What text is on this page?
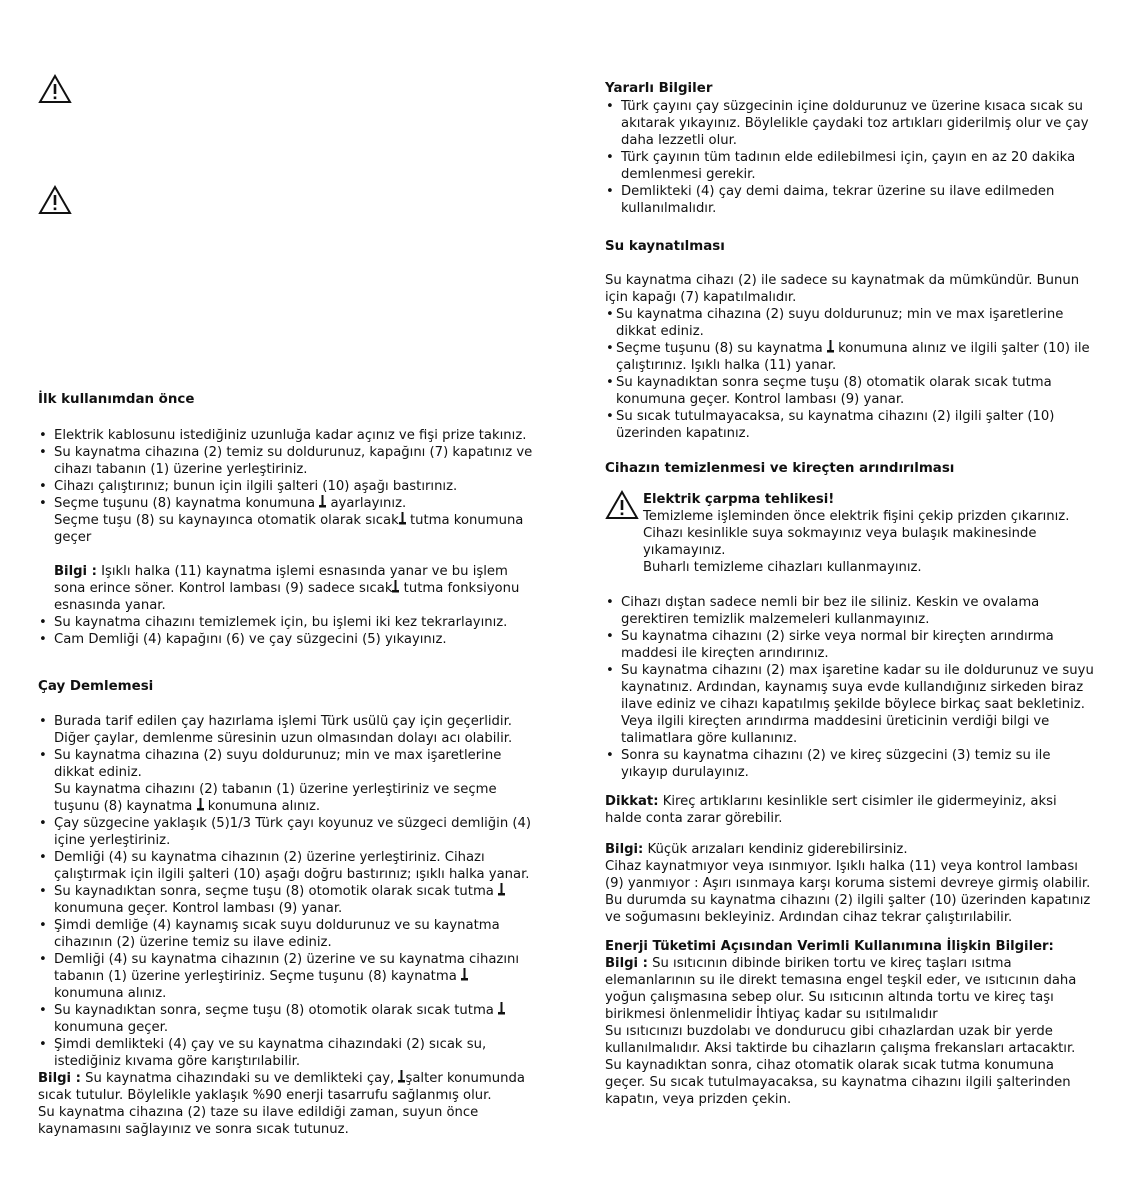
İlk kullanımdan önce
• Elektrik kablosunu istediğiniz uzunluğa kadar açınız ve fişi prize takınız.
• Su kaynatma cihazına (2) temiz su doldurunuz, kapağını (7) kapatınız ve cihazı tabanın (1) üzerine yerleştiriniz.
• Cihazı çalıştırınız; bunun için ilgili şalteri (10) aşağı bastırınız.
• Seçme tuşunu (8) kaynatma konumuna ayarlayınız.
Seçme tuşu (8) su kaynayınca otomatik olarak sıcak tutma konumuna geçer

Bilgi : Işıklı halka (11) kaynatma işlemi esnasında yanar ve bu işlem sona erince söner. Kontrol lambası (9) sadece sıcak tutma fonksiyonu esnasında yanar.

• Su kaynatma cihazını temizlemek için, bu işlemi iki kez tekrarlayınız.
• Cam Demliği (4) kapağını (6) ve çay süzgecini (5) yıkayınız.
Çay Demlemesi
• Burada tarif edilen çay hazırlama işlemi Türk usülü çay için geçerlidir. Diğer çaylar, demlenme süresinin uzun olmasından dolayı acı olabilir.
• Su kaynatma cihazına (2) suyu doldurunuz; min ve max işaretlerine dikkat ediniz.
Su kaynatma cihazını (2) tabanın (1) üzerine yerleştiriniz ve seçme tuşunu (8) kaynatma konumuna alınız.
• Çay süzgecine yaklaşık (5)1/3 Türk çayı koyunuz ve süzgeci demliğin (4) içine yerleştiriniz.
• Demliği (4) su kaynatma cihazının (2) üzerine yerleştiriniz. Cihazı çalıştırmak için ilgili şalteri (10) aşağı doğru bastırınız; ışıklı halka yanar.
• Su kaynadıktan sonra, seçme tuşu (8) otomotik olarak sıcak tutma  konumuna geçer. Kontrol lambası (9) yanar.
• Şimdi demliğe (4) kaynamış sıcak suyu doldurunuz ve su kaynatma cihazının (2) üzerine temiz su ilave ediniz.
• Demliği (4) su kaynatma cihazının (2) üzerine ve su kaynatma cihazını tabanın (1) üzerine yerleştiriniz. Seçme tuşunu (8) kaynatma  konumuna alınız.
• Su kaynadıktan sonra, seçme tuşu (8) otomotik olarak sıcak tutma  konumuna geçer.
• Şimdi demlikteki (4) çay ve su kaynatma cihazındaki (2) sıcak su, istediğiniz kıvama göre karıştırılabilir.

Bilgi : Su kaynatma cihazındaki su ve demlikteki çay, şalter konumunda sıcak tutulur. Böylelikle yaklaşık %90 enerji tasarrufu sağlanmış olur.

Su kaynatma cihazına (2) taze su ilave edildiği zaman, suyun önce kaynamasını sağlayınız ve sonra sıcak tutunuz.

Yararlı Bilgiler
• Türk çayını çay süzgecinin içine doldurunuz ve üzerine kısaca sıcak su akıtarak yıkayınız. Böylelikle çaydaki toz artıkları giderilmiş olur ve çay daha lezzetli olur.
• Türk çayının tüm tadının elde edilebilmesi için, çayın en az 20 dakika demlenmesi gerekir.
• Demlikteki (4) çay demi daima, tekrar üzerine su ilave edilmeden kullanılmalıdır.
Su kaynatılması

Su kaynatma cihazı (2) ile sadece su kaynatmak da mümkündür. Bunun için kapağı (7) kapatılmalıdır.

• Su kaynatma cihazına (2) suyu doldurunuz; min ve max işaretlerine dikkat ediniz.
• Seçme tuşunu (8) su kaynatma konumuna alınız ve ilgili şalter (10) ile çalıştırınız. Işıklı halka (11) yanar.
• Su kaynadıktan sonra seçme tuşu (8) otomatik olarak sıcak tutma konumuna geçer. Kontrol lambası (9) yanar.
• Su sıcak tutulmayacaksa, su kaynatma cihazını (2) ilgili şalter (10) üzerinden kapatınız.
Cihazın temizlenmesi ve kireçten arındırılması

Elektrik çarpma tehlikesi!

Temizleme işleminden önce elektrik fişini çekip prizden çıkarınız.

Cihazı kesinlikle suya sokmayınız veya bulaşık makinesinde yıkamayınız.

Buharlı temizleme cihazları kullanmayınız.

• Cihazı dıştan sadece nemli bir bez ile siliniz. Keskin ve ovalama gerektiren temizlik malzemeleri kullanmayınız.
• Su kaynatma cihazını (2) sirke veya normal bir kireçten arındırma maddesi ile kireçten arındırınız.
• Su kaynatma cihazını (2) max işaretine kadar su ile doldurunuz ve suyu kaynatınız. Ardından, kaynamış suya evde kullandığınız sirkeden biraz ilave ediniz ve cihazı kapatılmış şekilde böylece birkaç saat bekletiniz. Veya ilgili kireçten arındırma maddesini üreticinin verdiği bilgi ve talimatlara göre kullanınız.
• Sonra su kaynatma cihazını (2) ve kireç süzgecini (3) temiz su ile yıkayıp durulayınız.

Dikkat: Kireç artıklarını kesinlikle sert cisimler ile gidermeyiniz, aksi halde conta zarar görebilir.

Bilgi: Küçük arızaları kendiniz giderebilirsiniz.

Cihaz kaynatmıyor veya ısınmıyor. Işıklı halka (11) veya kontrol lambası (9) yanmıyor : Aşırı ısınmaya karşı koruma sistemi devreye girmiş olabilir. Bu durumda su kaynatma cihazını (2) ilgili şalter (10) üzerinden kapatınız ve soğumasını bekleyiniz. Ardından cihaz tekrar çalıştırılabilir.

Enerji Tüketimi Açısından Verimli Kullanımına İlişkin Bilgiler:

Bilgi : Su ısıtıcının dibinde biriken tortu ve kireç taşları ısıtma elemanlarının su ile direkt temasına engel teşkil eder, ve ısıtıcının daha yoğun çalışmasına sebep olur. Su ısıtıcının altında tortu ve kireç taşı birikmesi önlenmelidir İhtiyaç kadar su ısıtılmalıdır

Su ısıtıcınızı buzdolabı ve dondurucu gibi cıhazlardan uzak bir yerde kullanılmalıdır. Aksi taktirde bu cihazların çalışma frekansları artacaktır.

Su kaynadıktan sonra, cihaz otomatik olarak sıcak tutma konumuna geçer. Su sıcak tutulmayacaksa, su kaynatma cihazını ilgili şalterinden kapatın, veya prizden çekin.
